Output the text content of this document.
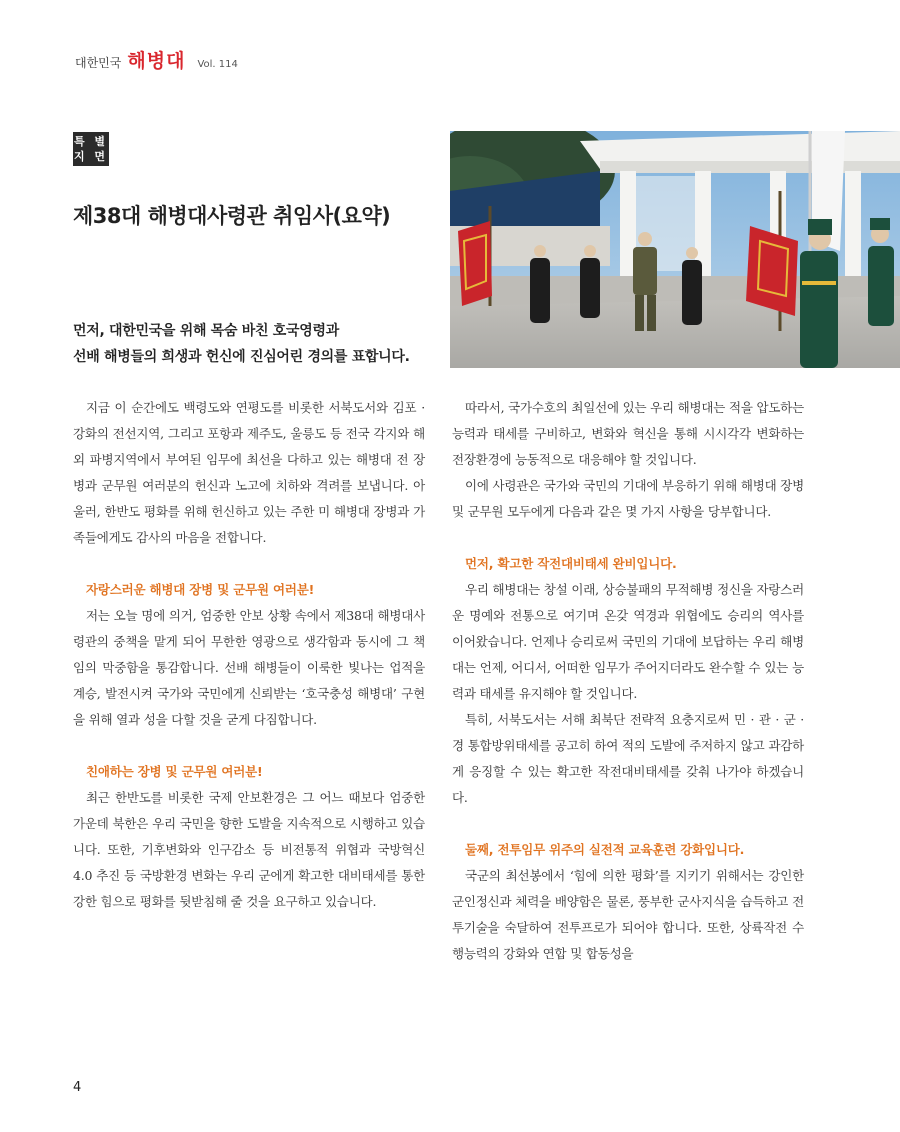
대한민국 해병대 Vol. 114
특 별
지 면
제38대 해병대사령관 취임사(요약)
먼저, 대한민국을 위해 목숨 바친 호국영령과
선배 해병들의 희생과 헌신에 진심어린 경의를 표합니다.

지금 이 순간에도 백령도와 연평도를 비롯한 서북도서와 김포 · 강화의 전선지역, 그리고 포항과 제주도, 울릉도 등 전국 각지와 해외 파병지역에서 부여된 임무에 최선을 다하고 있는 해병대 전 장병과 군무원 여러분의 헌신과 노고에 치하와 격려를 보냅니다. 아울러, 한반도 평화를 위해 헌신하고 있는 주한 미 해병대 장병과 가족들에게도 감사의 마음을 전합니다.

자랑스러운 해병대 장병 및 군무원 여러분!

저는 오늘 명에 의거, 엄중한 안보 상황 속에서 제38대 해병대사령관의 중책을 맡게 되어 무한한 영광으로 생각함과 동시에 그 책임의 막중함을 통감합니다. 선배 해병들이 이룩한 빛나는 업적을 계승, 발전시켜 국가와 국민에게 신뢰받는 ‘호국충성 해병대’ 구현을 위해 열과 성을 다할 것을 굳게 다짐합니다.

친애하는 장병 및 군무원 여러분!

최근 한반도를 비롯한 국제 안보환경은 그 어느 때보다 엄중한 가운데 북한은 우리 국민을 향한 도발을 지속적으로 시행하고 있습니다. 또한, 기후변화와 인구감소 등 비전통적 위협과 국방혁신 4.0 추진 등 국방환경 변화는 우리 군에게 확고한 대비태세를 통한 강한 힘으로 평화를 뒷받침해 줄 것을 요구하고 있습니다.

따라서, 국가수호의 최일선에 있는 우리 해병대는 적을 압도하는 능력과 태세를 구비하고, 변화와 혁신을 통해 시시각각 변화하는 전장환경에 능동적으로 대응해야 할 것입니다.

이에 사령관은 국가와 국민의 기대에 부응하기 위해 해병대 장병 및 군무원 모두에게 다음과 같은 몇 가지 사항을 당부합니다.

먼저, 확고한 작전대비태세 완비입니다.

우리 해병대는 창설 이래, 상승불패의 무적해병 정신을 자랑스러운 명예와 전통으로 여기며 온갖 역경과 위협에도 승리의 역사를 이어왔습니다. 언제나 승리로써 국민의 기대에 보답하는 우리 해병대는 언제, 어디서, 어떠한 임무가 주어지더라도 완수할 수 있는 능력과 태세를 유지해야 할 것입니다.

특히, 서북도서는 서해 최북단 전략적 요충지로써 민 · 관 · 군 · 경 통합방위태세를 공고히 하여 적의 도발에 주저하지 않고 과감하게 응징할 수 있는 확고한 작전대비태세를 갖춰 나가야 하겠습니다.

둘째, 전투임무 위주의 실전적 교육훈련 강화입니다.

국군의 최선봉에서 ‘힘에 의한 평화’를 지키기 위해서는 강인한 군인정신과 체력을 배양함은 물론, 풍부한 군사지식을 습득하고 전투기술을 숙달하여 전투프로가 되어야 합니다. 또한, 상륙작전 수행능력의 강화와 연합 및 합동성을

4
